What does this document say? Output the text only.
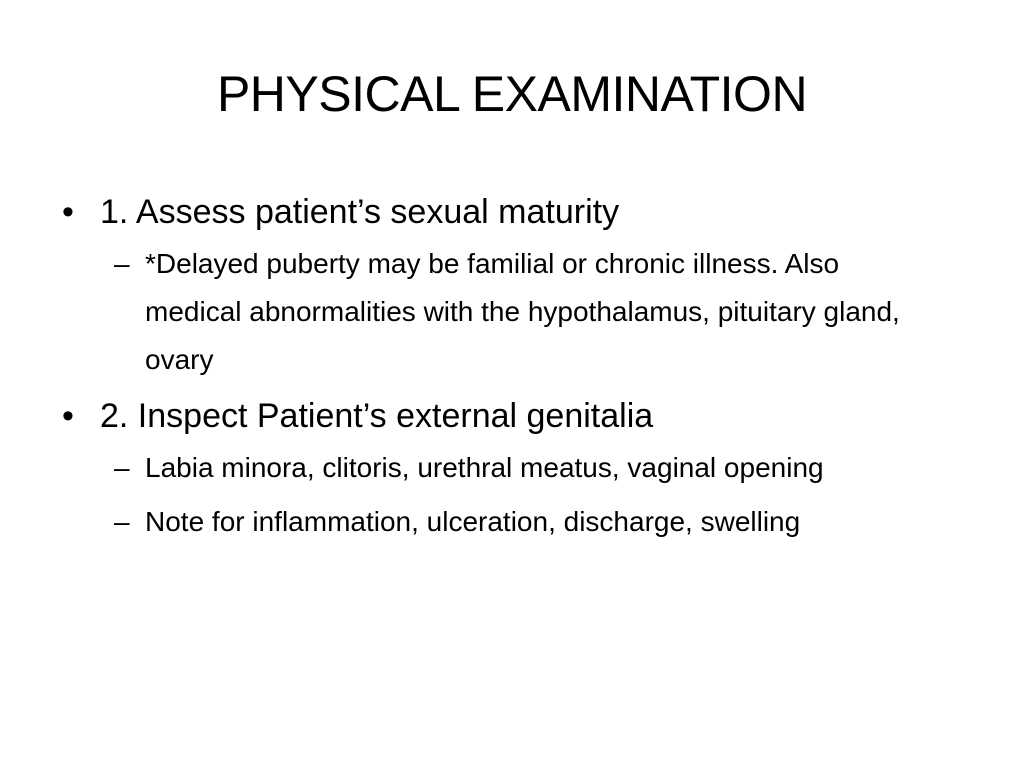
PHYSICAL EXAMINATION
• 1. Assess patient’s sexual maturity
– *Delayed puberty may be familial or chronic illness. Also medical abnormalities with the hypothalamus, pituitary gland, ovary
• 2. Inspect Patient’s external genitalia
– Labia minora, clitoris, urethral meatus, vaginal opening
– Note for inflammation, ulceration, discharge, swelling
